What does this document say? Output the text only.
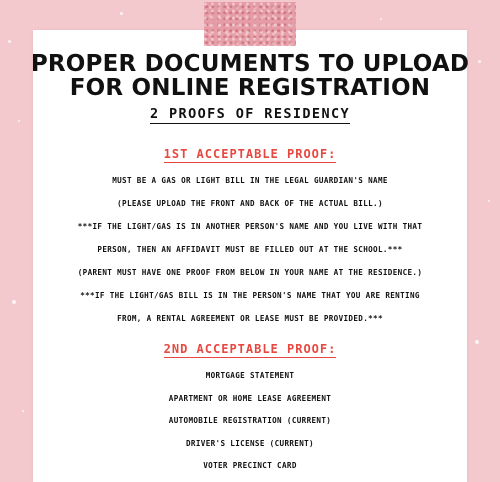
PROPER DOCUMENTS TO UPLOAD
FOR ONLINE REGISTRATION
2 PROOFS OF RESIDENCY
1ST ACCEPTABLE PROOF:
MUST BE A GAS OR LIGHT BILL IN THE LEGAL GUARDIAN'S NAME
(PLEASE UPLOAD THE FRONT AND BACK OF THE ACTUAL BILL.)
***IF THE LIGHT/GAS IS IN ANOTHER PERSON'S NAME AND YOU LIVE WITH THAT
PERSON, THEN AN AFFIDAVIT MUST BE FILLED OUT AT THE SCHOOL.***
(PARENT MUST HAVE ONE PROOF FROM BELOW IN YOUR NAME AT THE RESIDENCE.)
***IF THE LIGHT/GAS BILL IS IN THE PERSON'S NAME THAT YOU ARE RENTING
FROM, A RENTAL AGREEMENT OR LEASE MUST BE PROVIDED.***
2ND ACCEPTABLE PROOF:
MORTGAGE STATEMENT
APARTMENT OR HOME LEASE AGREEMENT
AUTOMOBILE REGISTRATION (CURRENT)
DRIVER'S LICENSE (CURRENT)
VOTER PRECINCT CARD
